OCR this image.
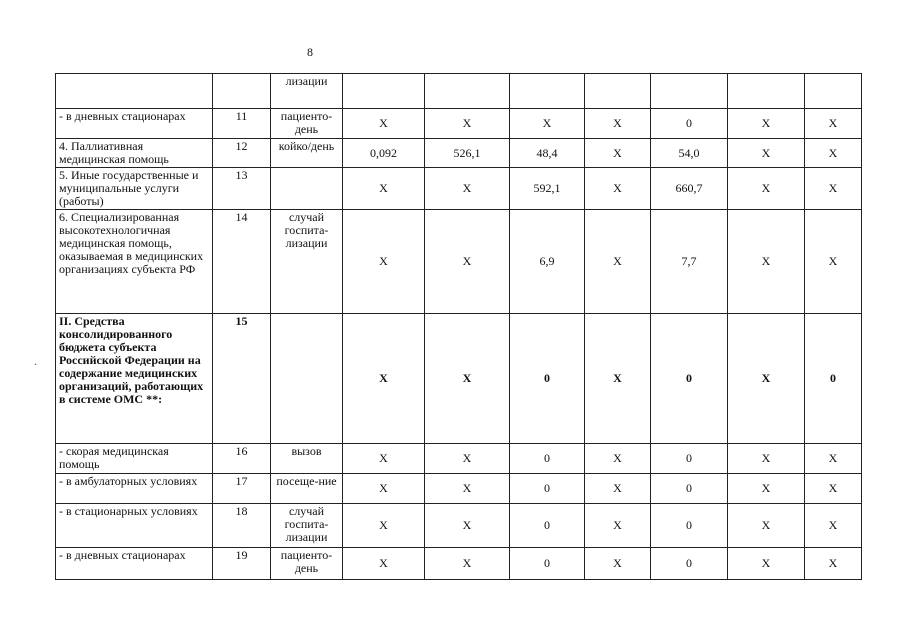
8
.
		лизации							
- в дневных стационарах	11	пациенто-день	X	X	X	X	0	X	X
4. Паллиативная медицинская помощь	12	койко/день	0,092	526,1	48,4	X	54,0	X	X
5. Иные государственные и муниципальные услуги (работы)	13		X	X	592,1	X	660,7	X	X
6. Специализированная высокотехнологичная медицинская помощь, оказываемая в медицинских организациях субъекта РФ	14	случай госпита-лизации	X	X	6,9	X	7,7	X	X
II. Средства консолидированного бюджета субъекта Российской Федерации на содержание медицинских организаций, работающих в системе ОМС **:	15		X	X	0	X	0	X	0
- скорая медицинская помощь	16	вызов	X	X	0	X	0	X	X
- в амбулаторных условиях	17	посеще-ние	X	X	0	X	0	X	X
- в стационарных условиях	18	случай госпита-лизации	X	X	0	X	0	X	X
- в дневных стационарах	19	пациенто-день	X	X	0	X	0	X	X
